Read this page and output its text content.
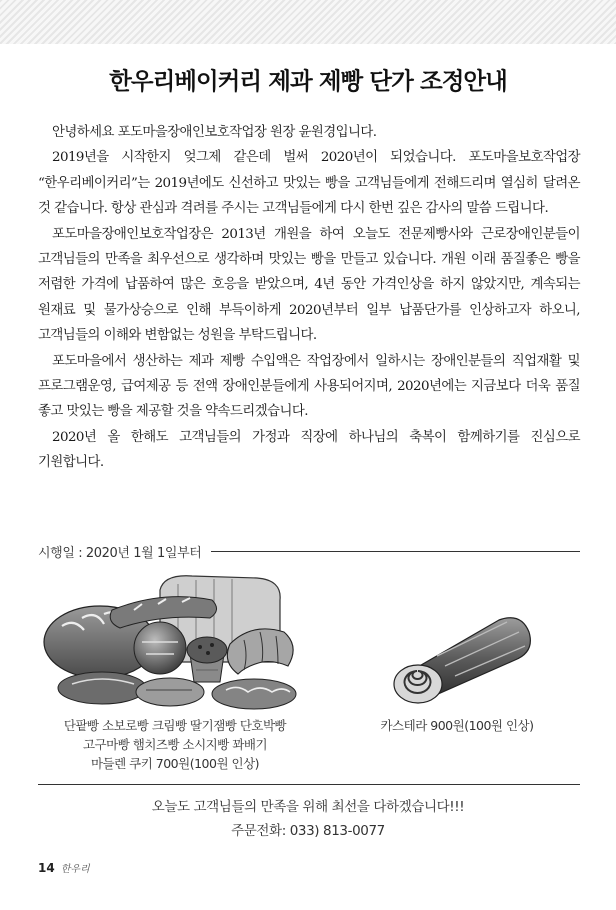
한우리베이커리 제과 제빵 단가 조정안내

안녕하세요 포도마을장애인보호작업장 원장 윤원경입니다.

2019년을 시작한지 엊그제 같은데 벌써 2020년이 되었습니다. 포도마을보호작업장 “한우리베이커리”는 2019년에도 신선하고 맛있는 빵을 고객님들에게 전해드리며 열심히 달려온 것 같습니다. 항상 관심과 격려를 주시는 고객님들에게 다시 한번 깊은 감사의 말씀 드립니다.

포도마을장애인보호작업장은 2013년 개원을 하여 오늘도 전문제빵사와 근로장애인분들이 고객님들의 만족을 최우선으로 생각하며 맛있는 빵을 만들고 있습니다. 개원 이래 품질좋은 빵을 저렴한 가격에 납품하여 많은 호응을 받았으며, 4년 동안 가격인상을 하지 않았지만, 계속되는 원재료 및 물가상승으로 인해 부득이하게 2020년부터 일부 납품단가를 인상하고자 하오니, 고객님들의 이해와 변함없는 성원을 부탁드립니다.

포도마을에서 생산하는 제과 제빵 수입액은 작업장에서 일하시는 장애인분들의 직업재활 및 프로그램운영, 급여제공 등 전액 장애인분들에게 사용되어지며, 2020년에는 지금보다 더욱 품질 좋고 맛있는 빵을 제공할 것을 약속드리겠습니다.

2020년 올 한해도 고객님들의 가정과 직장에 하나님의 축복이 함께하기를 진심으로 기원합니다.

시행일 : 2020년 1월 1일부터
단팥빵 소보로빵 크림빵 딸기잼빵 단호박빵
고구마빵 햄치즈빵 소시지빵 꽈배기
마들렌 쿠키 700원(100원 인상)
카스테라 900원(100원 인상)
오늘도 고객님들의 만족을 위해 최선을 다하겠습니다!!!
주문전화: 033) 813-0077
14 한우리
